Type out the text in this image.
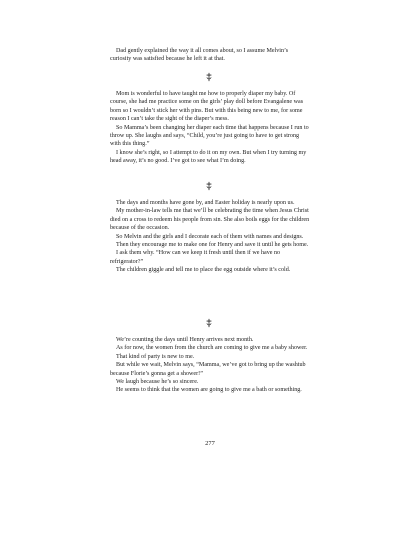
Dad gently explained the way it all comes about, so I assume Melvin’s curiosity was satisfied because he left it at that.

Mom is wonderful to have taught me how to properly diaper my baby. Of course, she had me practice some on the girls’ play doll before Evangalene was born so I wouldn’t stick her with pins. But with this being new to me, for some reason I can’t take the sight of the diaper’s mess.

So Mamma’s been changing her diaper each time that happens because I run to throw up. She laughs and says, “Child, you’re just going to have to get strong with this thing.”

I know she’s right, so I attempt to do it on my own. But when I try turning my head away, it’s no good. I’ve got to see what I’m doing.

The days and months have gone by, and Easter holiday is nearly upon us.

My mother-in-law tells me that we’ll be celebrating the time when Jesus Christ died on a cross to redeem his people from sin. She also boils eggs for the children because of the occasion.

So Melvin and the girls and I decorate each of them with names and designs.

Then they encourage me to make one for Henry and save it until he gets home.

I ask them why. “How can we keep it fresh until then if we have no refrigerator?”

The children giggle and tell me to place the egg outside where it’s cold.

We’re counting the days until Henry arrives next month.

As for now, the women from the church are coming to give me a baby shower.

That kind of party is new to me.

But while we wait, Melvin says, “Mamma, we’ve got to bring up the washtub because Florie’s gonna get a shower!”

We laugh because he’s so sincere.

He seems to think that the women are going to give me a bath or something.

277
